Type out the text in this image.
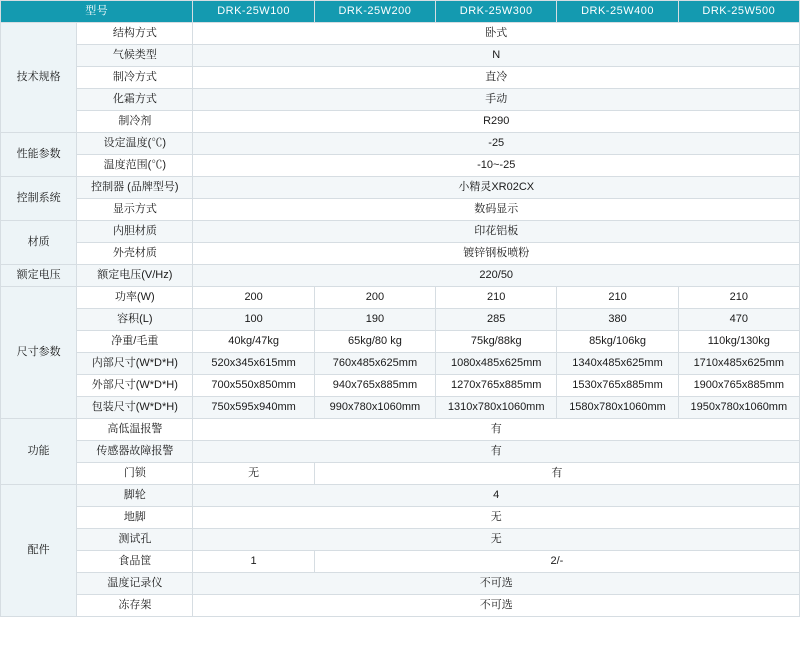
型号		DRK-25W100	DRK-25W200	DRK-25W300	DRK-25W400	DRK-25W500
技术规格	结构方式	卧式				
	气候类型	N				
	制冷方式	直冷				
	化霜方式	手动				
	制冷剂	R290				
性能参数	设定温度(℃)	-25				
	温度范围(℃)	-10~-25				
控制系统	控制器 (品牌型号)	小精灵XR02CX				
	显示方式	数码显示				
材质	内胆材质	印花铝板				
	外壳材质	镀锌钢板喷粉				
额定电压	额定电压(V/Hz)	220/50				
尺寸参数	功率(W)	200	200	210	210	210
	容积(L)	100	190	285	380	470
	净重/毛重	40kg/47kg	65kg/80 kg	75kg/88kg	85kg/106kg	110kg/130kg
	内部尺寸(W*D*H)	520x345x615mm	760x485x625mm	1080x485x625mm	1340x485x625mm	1710x485x625mm
	外部尺寸(W*D*H)	700x550x850mm	940x765x885mm	1270x765x885mm	1530x765x885mm	1900x765x885mm
	包装尺寸(W*D*H)	750x595x940mm	990x780x1060mm	1310x780x1060mm	1580x780x1060mm	1950x780x1060mm
功能	高低温报警	有				
	传感器故障报警	有				
	门锁	无	有			
配件	脚轮	4				
	地脚	无				
	测试孔	无				
	食品筐	1	2/-			
	温度记录仪	不可选				
	冻存架	不可选				
